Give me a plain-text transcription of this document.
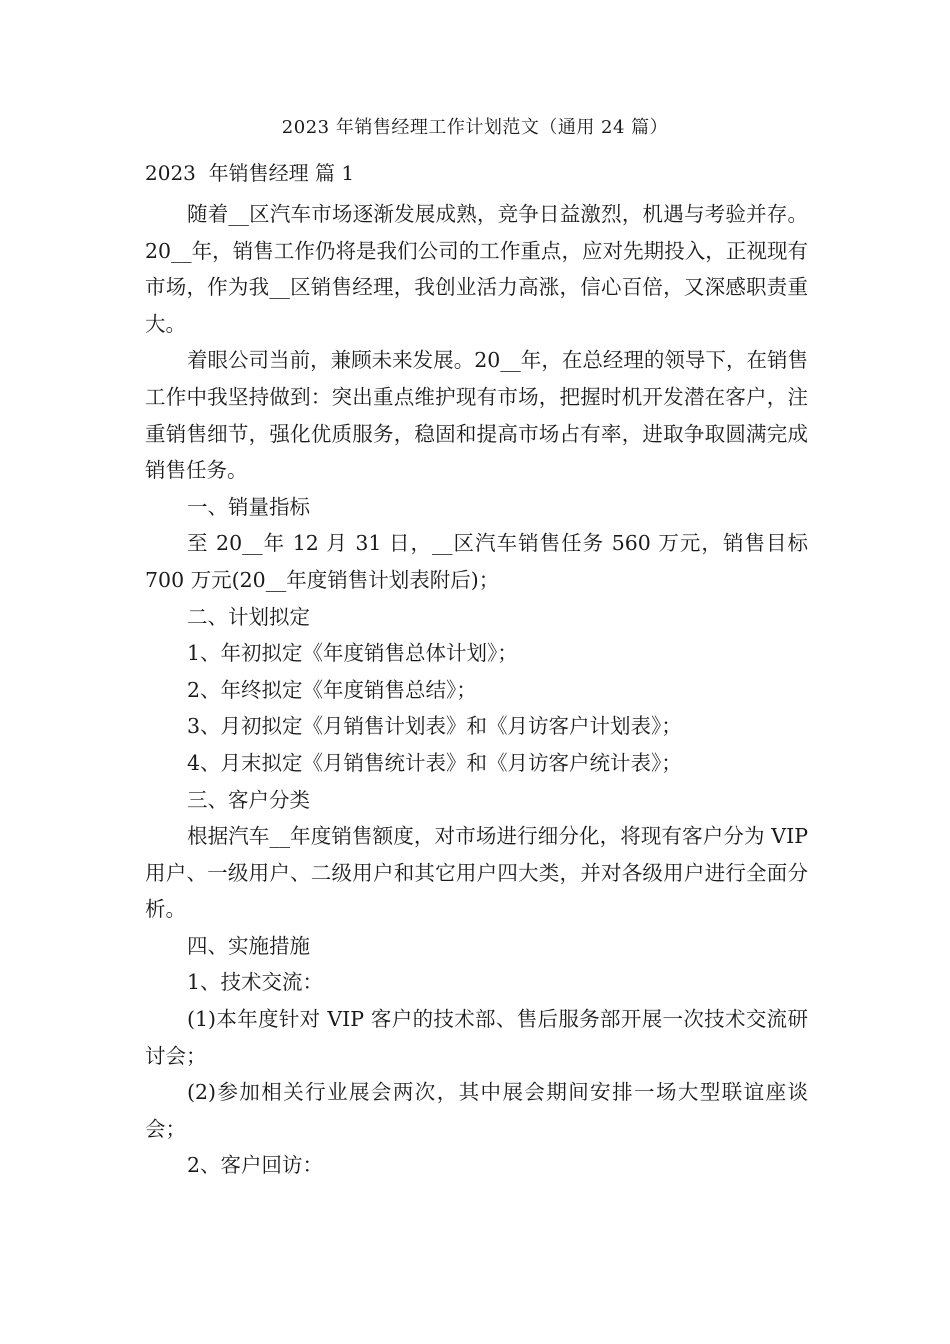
2023 年销售经理工作计划范文（通用 24 篇）
2023  年销售经理 篇 1

随着__区汽车市场逐渐发展成熟，竞争日益激烈，机遇与考验并存。20__年，销售工作仍将是我们公司的工作重点，应对先期投入，正视现有市场，作为我__区销售经理，我创业活力高涨，信心百倍，又深感职责重大。

着眼公司当前，兼顾未来发展。20__年，在总经理的领导下，在销售工作中我坚持做到：突出重点维护现有市场，把握时机开发潜在客户，注重销售细节，强化优质服务，稳固和提高市场占有率，进取争取圆满完成销售任务。

一、销量指标

至 20__年 12 月 31 日，__区汽车销售任务 560 万元，销售目标 700 万元(20__年度销售计划表附后)；

二、计划拟定

1、年初拟定《年度销售总体计划》；

2、年终拟定《年度销售总结》；

3、月初拟定《月销售计划表》和《月访客户计划表》；

4、月末拟定《月销售统计表》和《月访客户统计表》；

三、客户分类

根据汽车__年度销售额度，对市场进行细分化，将现有客户分为 VIP 用户、一级用户、二级用户和其它用户四大类，并对各级用户进行全面分析。

四、实施措施

1、技术交流：

(1)本年度针对 VIP 客户的技术部、售后服务部开展一次技术交流研讨会；

(2)参加相关行业展会两次，其中展会期间安排一场大型联谊座谈会；

2、客户回访：
